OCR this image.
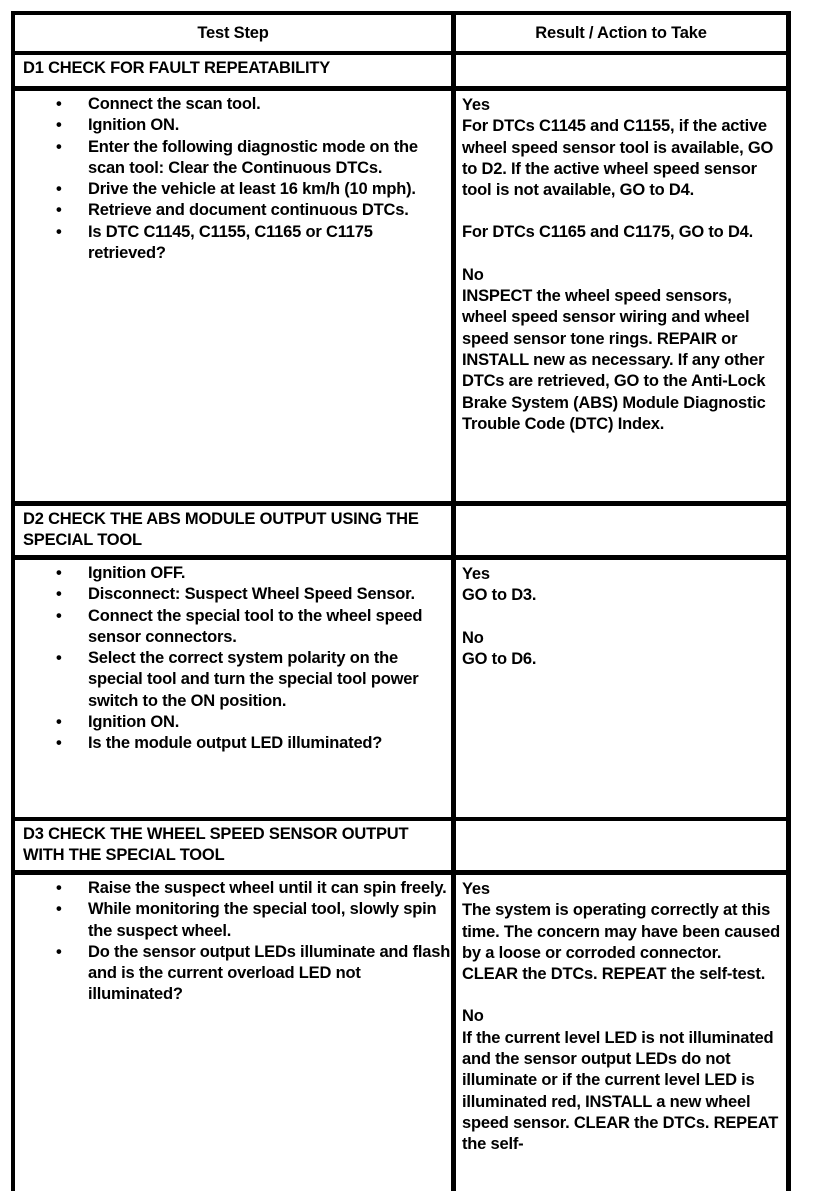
Test Step	Result / Action to Take
D1 CHECK FOR FAULT REPEATABILITY
• Connect the scan tool.
• Ignition ON.
• Enter the following diagnostic mode on the scan tool: Clear the Continuous DTCs.
• Drive the vehicle at least 16 km/h (10 mph).
• Retrieve and document continuous DTCs.
• Is DTC C1145, C1155, C1165 or C1175 retrieved?

Yes

For DTCs C1145 and C1155, if the active wheel speed sensor tool is available, GO to D2. If the active wheel speed sensor tool is not available, GO to D4.

For DTCs C1165 and C1175, GO to D4.

No

INSPECT the wheel speed sensors, wheel speed sensor wiring and wheel speed sensor tone rings. REPAIR or INSTALL new as necessary. If any other DTCs are retrieved, GO to the Anti-Lock Brake System (ABS) Module Diagnostic Trouble Code (DTC) Index.

D2 CHECK THE ABS MODULE OUTPUT USING THE SPECIAL TOOL
• Ignition OFF.
• Disconnect: Suspect Wheel Speed Sensor.
• Connect the special tool to the wheel speed sensor connectors.
• Select the correct system polarity on the special tool and turn the special tool power switch to the ON position.
• Ignition ON.
• Is the module output LED illuminated?

Yes

GO to D3.

No

GO to D6.

D3 CHECK THE WHEEL SPEED SENSOR OUTPUT WITH THE SPECIAL TOOL
• Raise the suspect wheel until it can spin freely.
• While monitoring the special tool, slowly spin the suspect wheel.
• Do the sensor output LEDs illuminate and flash and is the current overload LED not illuminated?

Yes

The system is operating correctly at this time. The concern may have been caused by a loose or corroded connector. CLEAR the DTCs. REPEAT the self-test.

No

If the current level LED is not illuminated and the sensor output LEDs do not illuminate or if the current level LED is illuminated red, INSTALL a new wheel speed sensor. CLEAR the DTCs. REPEAT the self-
